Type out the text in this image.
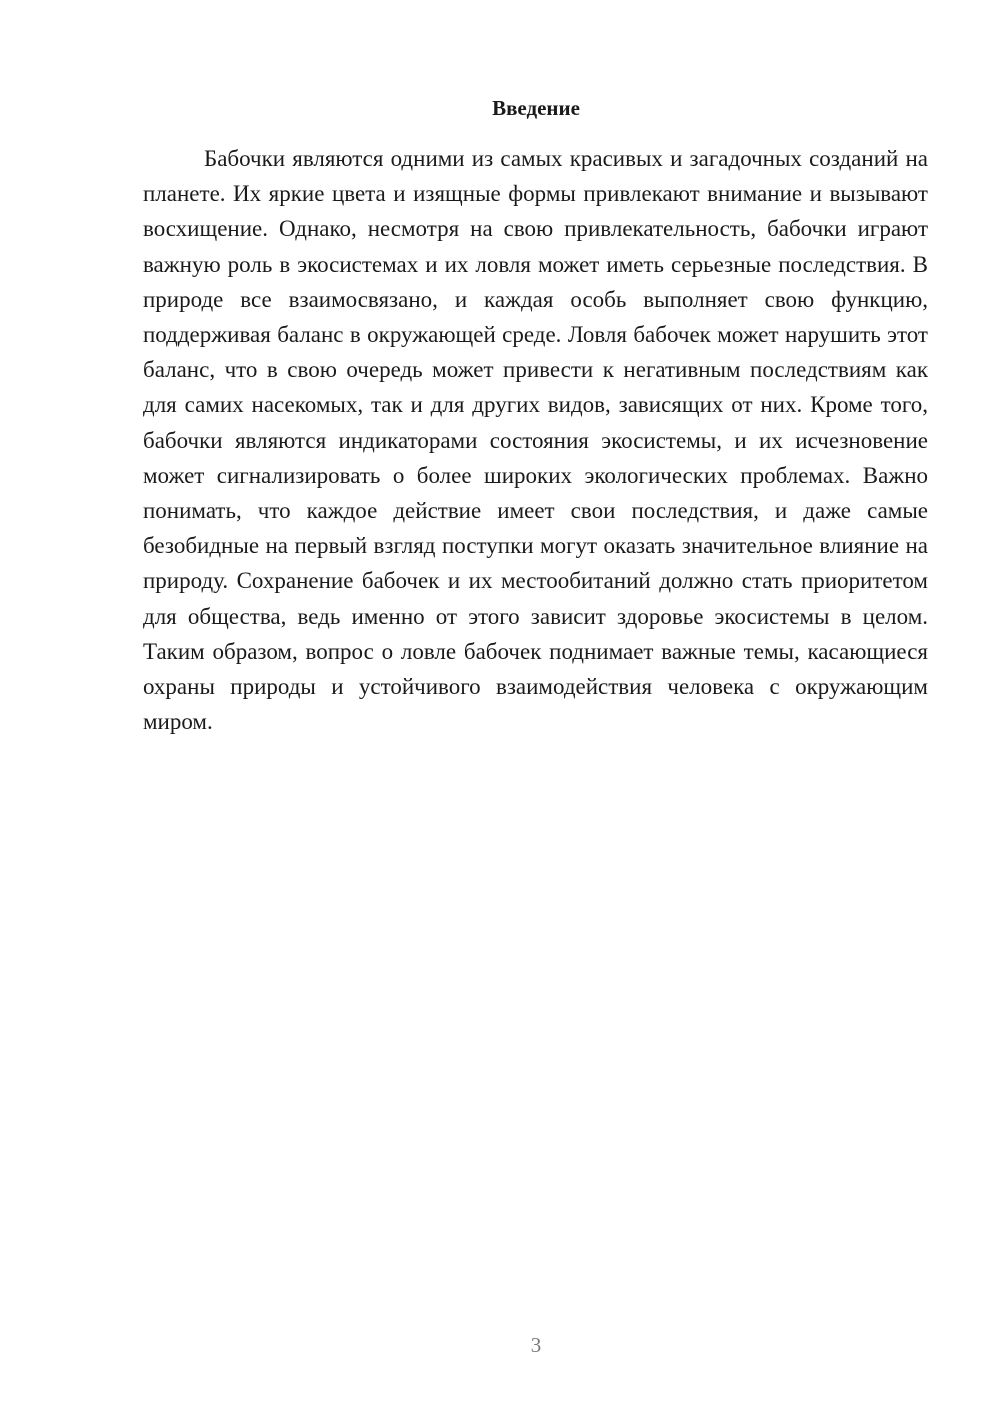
Введение

Бабочки являются одними из самых красивых и загадочных созданий на планете. Их яркие цвета и изящные формы привлекают внимание и вызывают восхищение. Однако, несмотря на свою привлекательность, бабочки играют важную роль в экосистемах и их ловля может иметь серьезные последствия. В природе все взаимосвязано, и каждая особь выполняет свою функцию, поддерживая баланс в окружающей среде. Ловля бабочек может нарушить этот баланс, что в свою очередь может привести к негативным последствиям как для самих насекомых, так и для других видов, зависящих от них. Кроме того, бабочки являются индикаторами состояния экосистемы, и их исчезновение может сигнализировать о более широких экологических проблемах. Важно понимать, что каждое действие имеет свои последствия, и даже самые безобидные на первый взгляд поступки могут оказать значительное влияние на природу. Сохранение бабочек и их местообитаний должно стать приоритетом для общества, ведь именно от этого зависит здоровье экосистемы в целом. Таким образом, вопрос о ловле бабочек поднимает важные темы, касающиеся охраны природы и устойчивого взаимодействия человека с окружающим миром.

3
